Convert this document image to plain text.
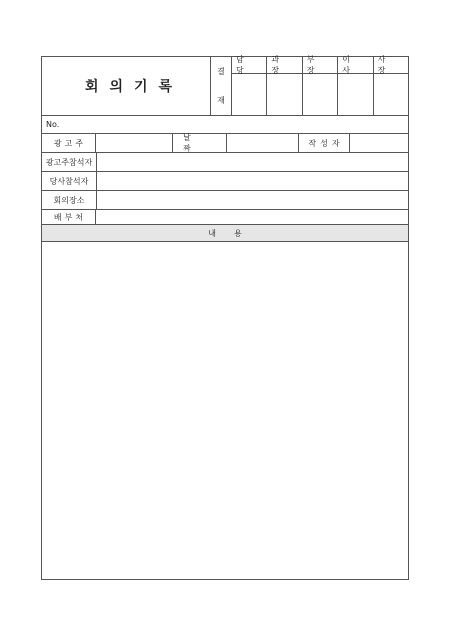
회의기록
결
재
담 당
과 장
부 장
이 사
사 장
No.
광고주
날 짜
작성자
광고주참석자
당사참석자
회의장소
배부처
내용
